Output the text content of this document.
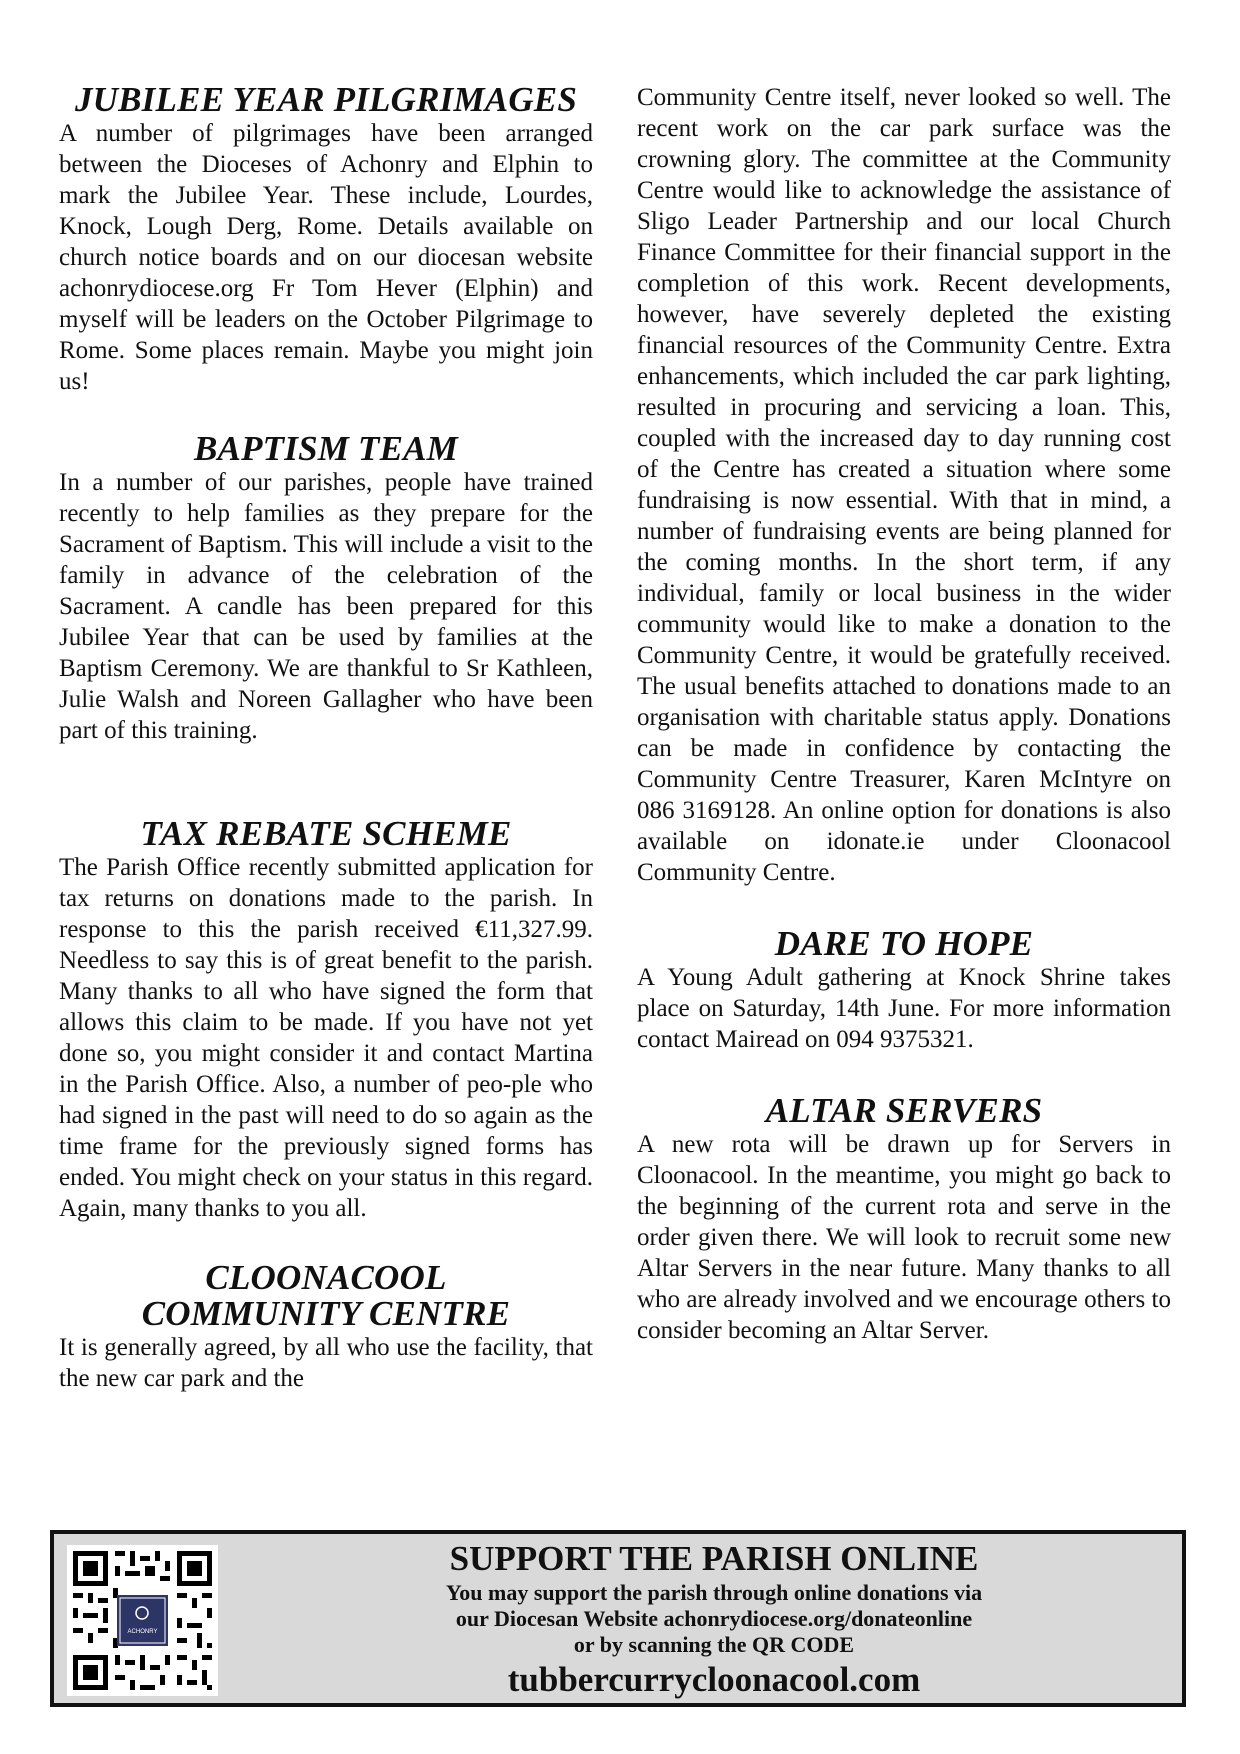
JUBILEE YEAR PILGRIMAGES

A number of pilgrimages have been arranged between the Dioceses of Achonry and Elphin to mark the Jubilee Year. These include, Lourdes, Knock, Lough Derg, Rome. Details available on church notice boards and on our diocesan website achonrydiocese.org Fr Tom Hever (Elphin) and myself will be leaders on the October Pilgrimage to Rome. Some places remain. Maybe you might join us!

BAPTISM TEAM

In a number of our parishes, people have trained recently to help families as they prepare for the Sacrament of Baptism. This will include a visit to the family in advance of the celebration of the Sacrament. A candle has been prepared for this Jubilee Year that can be used by families at the Baptism Ceremony. We are thankful to Sr Kathleen, Julie Walsh and Noreen Gallagher who have been part of this training.

TAX REBATE SCHEME

The Parish Office recently submitted application for tax returns on donations made to the parish. In response to this the parish received €11,327.99. Needless to say this is of great benefit to the parish. Many thanks to all who have signed the form that allows this claim to be made. If you have not yet done so, you might consider it and contact Martina in the Parish Office. Also, a number of peo-ple who had signed in the past will need to do so again as the time frame for the previously signed forms has ended. You might check on your status in this regard. Again, many thanks to you all.

CLOONACOOL
COMMUNITY CENTRE

It is generally agreed, by all who use the facility, that the new car park and the

Community Centre itself, never looked so well. The recent work on the car park surface was the crowning glory. The committee at the Community Centre would like to acknowledge the assistance of Sligo Leader Partnership and our local Church Finance Committee for their financial support in the completion of this work. Recent developments, however, have severely depleted the existing financial resources of the Community Centre. Extra enhancements, which included the car park lighting, resulted in procuring and servicing a loan. This, coupled with the increased day to day running cost of the Centre has created a situation where some fundraising is now essential. With that in mind, a number of fundraising events are being planned for the coming months. In the short term, if any individual, family or local business in the wider community would like to make a donation to the Community Centre, it would be gratefully received. The usual benefits attached to donations made to an organisation with charitable status apply. Donations can be made in confidence by contacting the Community Centre Treasurer, Karen McIntyre on 086 3169128. An online option for donations is also available on idonate.ie under Cloonacool Community Centre.

DARE TO HOPE

A Young Adult gathering at Knock Shrine takes place on Saturday, 14th June. For more information contact Mairead on 094 9375321.

ALTAR SERVERS

A new rota will be drawn up for Servers in Cloonacool. In the meantime, you might go back to the beginning of the current rota and serve in the order given there. We will look to recruit some new Altar Servers in the near future. Many thanks to all who are already involved and we encourage others to consider becoming an Altar Server.

ACHONRY
SUPPORT THE PARISH ONLINE
You may support the parish through online donations via
our Diocesan Website achonrydiocese.org/donateonline
or by scanning the QR CODE
tubbercurrycloonacool.com
